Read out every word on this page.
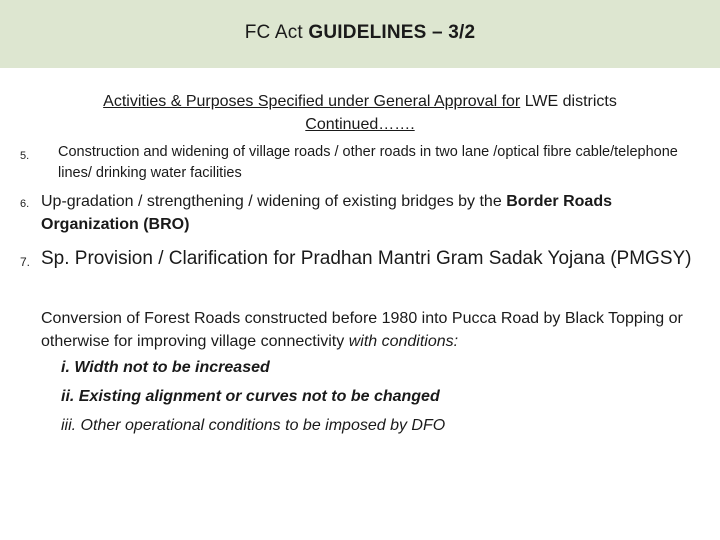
FC Act GUIDELINES – 3/2
Activities & Purposes Specified under General Approval for LWE districts
Continued…….
5. Construction and widening of village roads / other roads in two lane /optical fibre cable/telephone lines/ drinking water facilities
6. Up-gradation / strengthening / widening of existing bridges by the Border Roads Organization (BRO)
7. Sp. Provision / Clarification for Pradhan Mantri Gram Sadak Yojana (PMGSY)
Conversion of Forest Roads constructed before 1980 into Pucca Road by Black Topping or otherwise for improving village connectivity with conditions:
i. Width not to be increased
ii. Existing alignment or curves not to be changed
iii. Other operational conditions to be imposed by DFO
